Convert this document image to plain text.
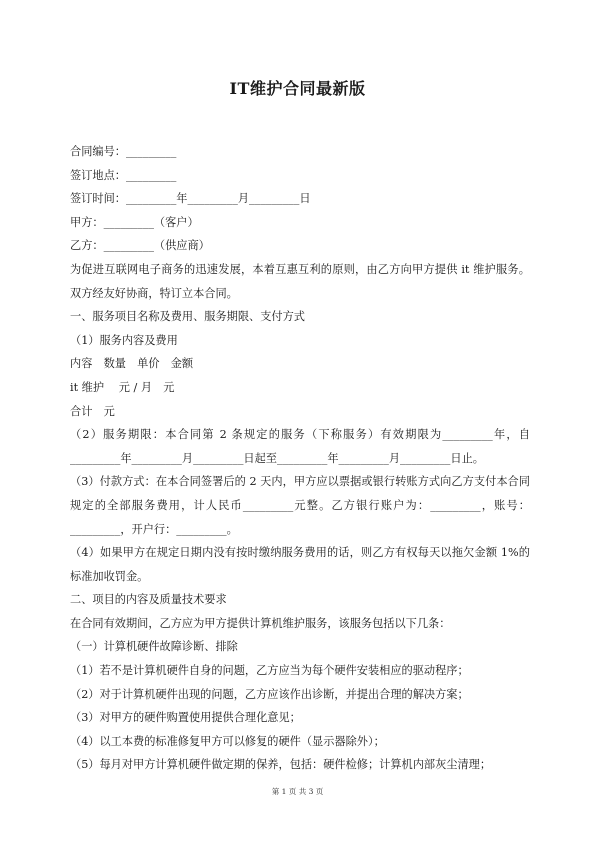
IT维护合同最新版
合同编号：_________
签订地点：_________
签订时间：_________年_________月_________日
甲方：_________（客户）
乙方：_________（供应商）
为促进互联网电子商务的迅速发展，本着互惠互利的原则，由乙方向甲方提供 it 维护服务。双方经友好协商，特订立本合同。
一、服务项目名称及费用、服务期限、支付方式
（1）服务内容及费用
内容　数量　单价　金额
it 维护　 元 / 月　元
合计　元
（2）服务期限：本合同第 2 条规定的服务（下称服务）有效期限为_________年，自_________年_________月_________日起至_________年_________月_________日止。
（3）付款方式：在本合同签署后的 2 天内，甲方应以票据或银行转账方式向乙方支付本合同规定的全部服务费用，计人民币_________元整。乙方银行账户为：_________，账号：_________，开户行：_________。
（4）如果甲方在规定日期内没有按时缴纳服务费用的话，则乙方有权每天以拖欠金额 1%的标准加收罚金。
二、项目的内容及质量技术要求
在合同有效期间，乙方应为甲方提供计算机维护服务，该服务包括以下几条：
（一）计算机硬件故障诊断、排除
（1）若不是计算机硬件自身的问题，乙方应当为每个硬件安装相应的驱动程序；
（2）对于计算机硬件出现的问题，乙方应该作出诊断，并提出合理的解决方案；
（3）对甲方的硬件购置使用提供合理化意见；
（4）以工本费的标准修复甲方可以修复的硬件（显示器除外）；
（5）每月对甲方计算机硬件做定期的保养，包括：硬件检修；计算机内部灰尘清理；
第 1 页 共 3 页
